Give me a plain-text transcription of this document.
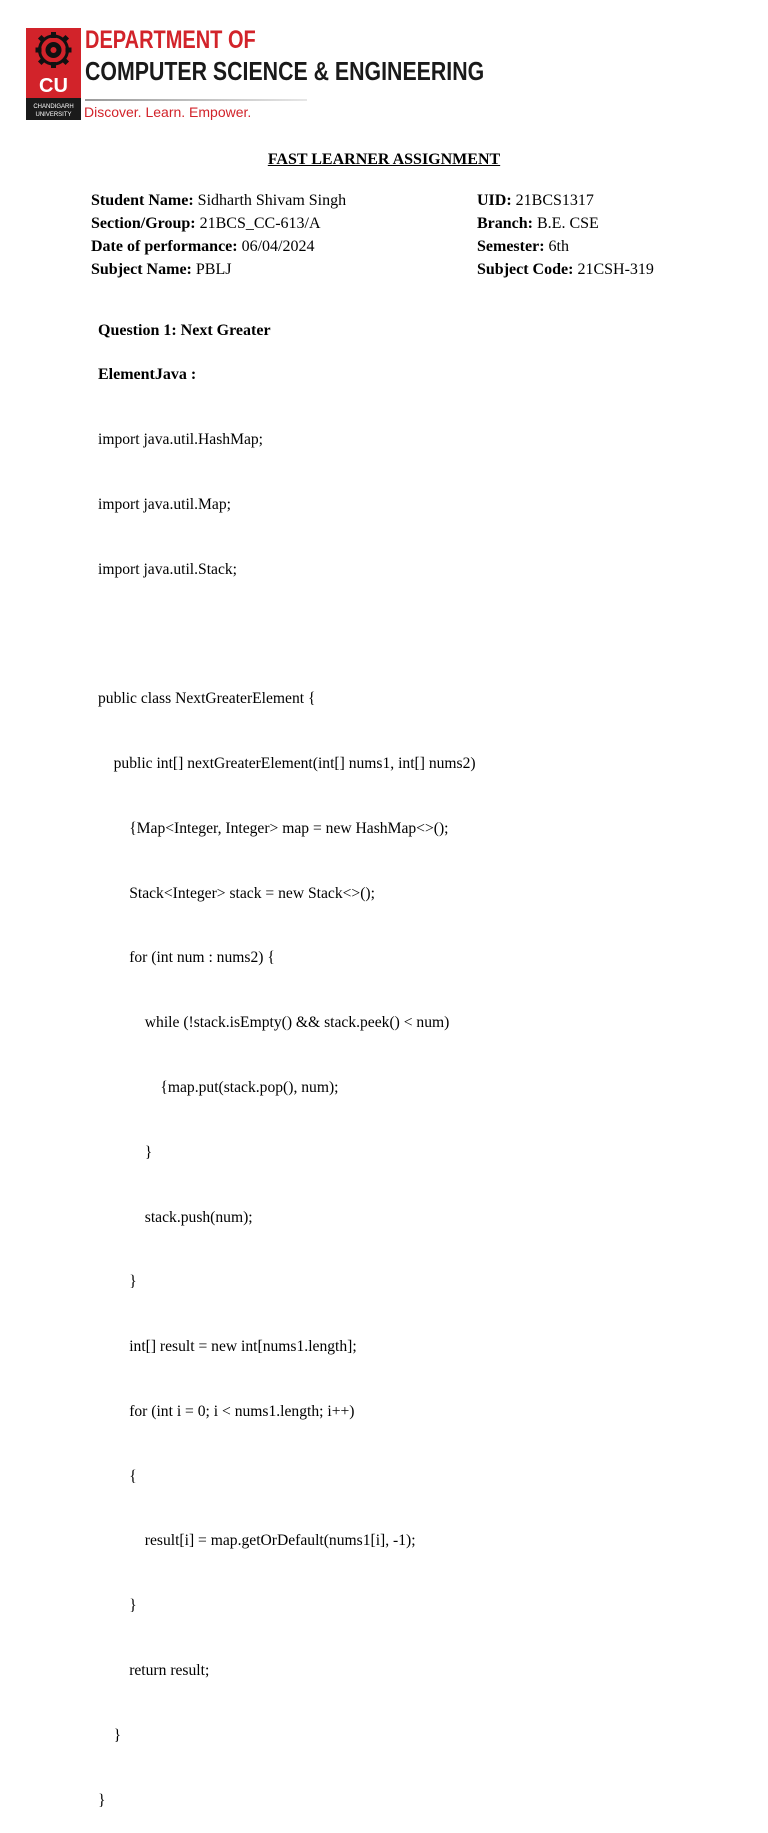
CU
CHANDIGARH
UNIVERSITY
DEPARTMENT OF
COMPUTER SCIENCE & ENGINEERING
Discover. Learn. Empower.
FAST LEARNER ASSIGNMENT
Student Name: Sidharth Shivam Singh
Section/Group: 21BCS_CC-613/A
Date of performance: 06/04/2024
Subject Name: PBLJ
UID: 21BCS1317
Branch: B.E. CSE
Semester: 6th
Subject Code: 21CSH-319
Question 1: Next Greater
ElementJava :

import java.util.HashMap;

import java.util.Map;

import java.util.Stack;

public class NextGreaterElement {

public int[] nextGreaterElement(int[] nums1, int[] nums2)

{Map<Integer, Integer> map = new HashMap<>();

Stack<Integer> stack = new Stack<>();

for (int num : nums2) {

while (!stack.isEmpty() && stack.peek() < num)

{map.put(stack.pop(), num);

}

stack.push(num);

}

int[] result = new int[nums1.length];

for (int i = 0; i < nums1.length; i++)

{

result[i] = map.getOrDefault(nums1[i], -1);

}

return result;

}

}
